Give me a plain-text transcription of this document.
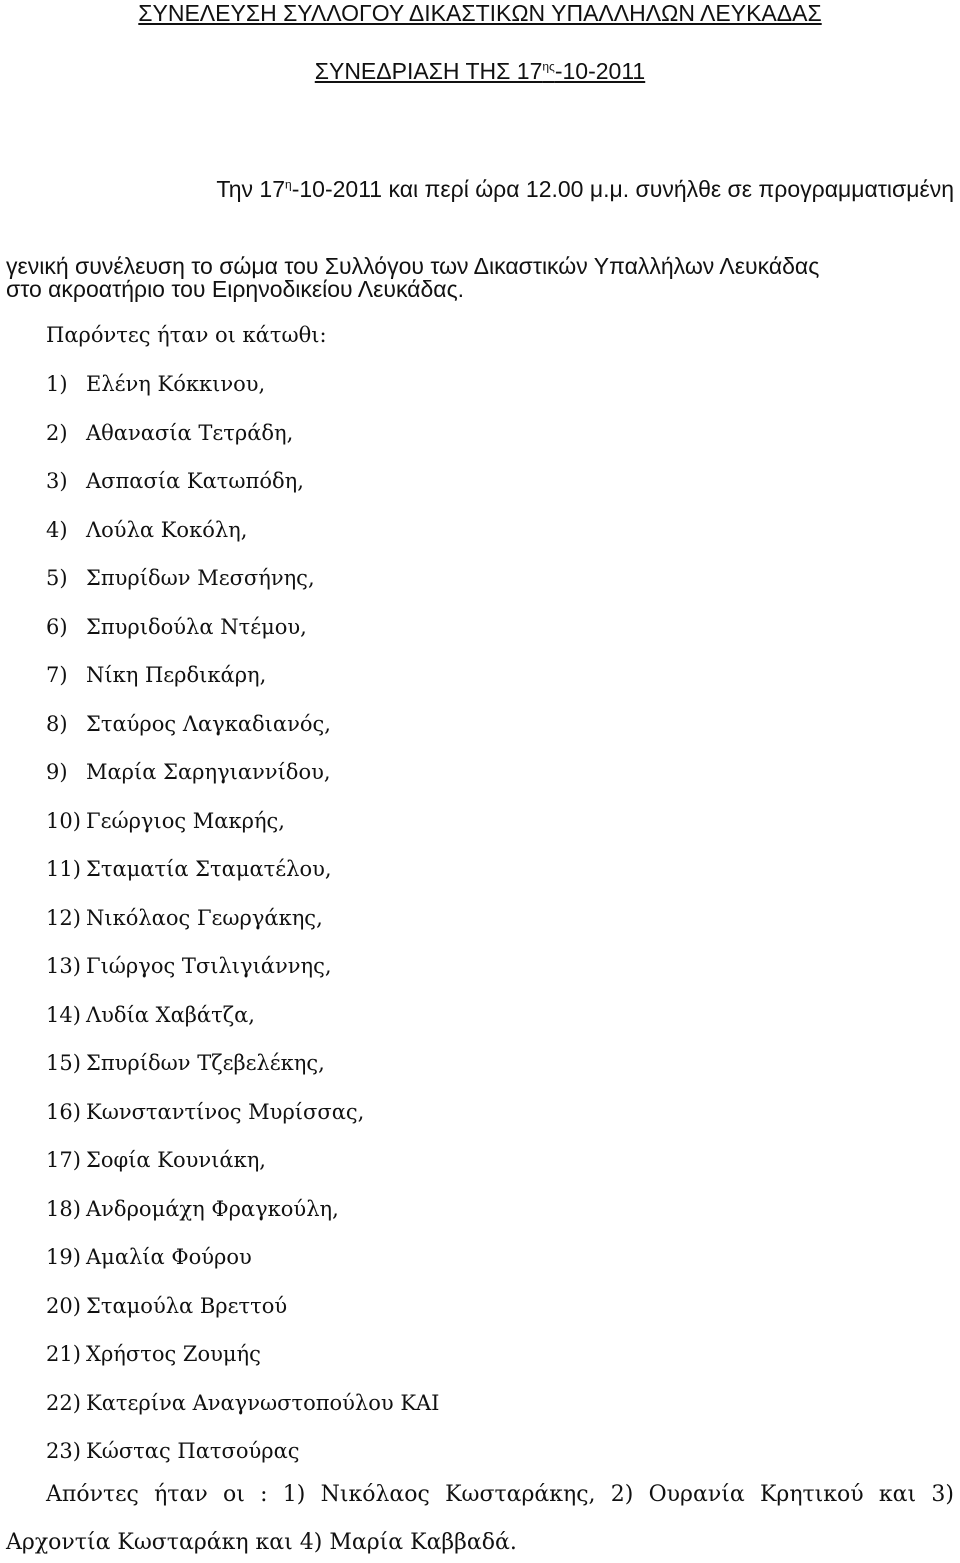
ΣΥΝΕΛΕΥΣΗ ΣΥΛΛΟΓΟΥ ΔΙΚΑΣΤΙΚΩΝ ΥΠΑΛΛΗΛΩΝ ΛΕΥΚΑΔΑΣ
ΣΥΝΕΔΡΙΑΣΗ ΤΗΣ $17^{\eta\varsigma}-10-2011$
Την $17^\eta-10-2011$ και περί ώρα 12.00 μ.μ. συνήλθε σε προγραμματισμένη
γενική συνέλευση το σώμα του Συλλόγου των Δικαστικών Υπαλλήλων Λευκάδας
στο ακροατήριο του Ειρηνοδικείου Λευκάδας.
Παρόντες ήταν οι κάτωθι:
1) Ελένη Κόκκινου,
2) Αθανασία Τετράδη,
3) Ασπασία Κατωπόδη,
4) Λούλα Κοκόλη,
5) Σπυρίδων Μεσσήνης,
6) Σπυριδούλα Ντέμου,
7) Νίκη Περδικάρη,
8) Σταύρος Λαγκαδιανός,
9) Μαρία Σαρηγιαννίδου,
10) Γεώργιος Μακρής,
11) Σταματία Σταματέλου,
12) Νικόλαος Γεωργάκης,
13) Γιώργος Τσιλιγιάννης,
14) Λυδία Χαβάτζα,
15) Σπυρίδων Τζεβελέκης,
16) Κωνσταντίνος Μυρίσσας,
17) Σοφία Κουνιάκη,
18) Ανδρομάχη Φραγκούλη,
19) Αμαλία Φούρου
20) Σταμούλα Βρεττού
21) Χρήστος Ζουμής
22) Κατερίνα Αναγνωστοπούλου ΚΑΙ
23) Κώστας Πατσούρας
Απόντες ήταν οι : 1) Νικόλαος Κωσταράκης, 2) Ουρανία Κρητικού και 3)
Αρχοντία Κωσταράκη και 4) Μαρία Καββαδά.
